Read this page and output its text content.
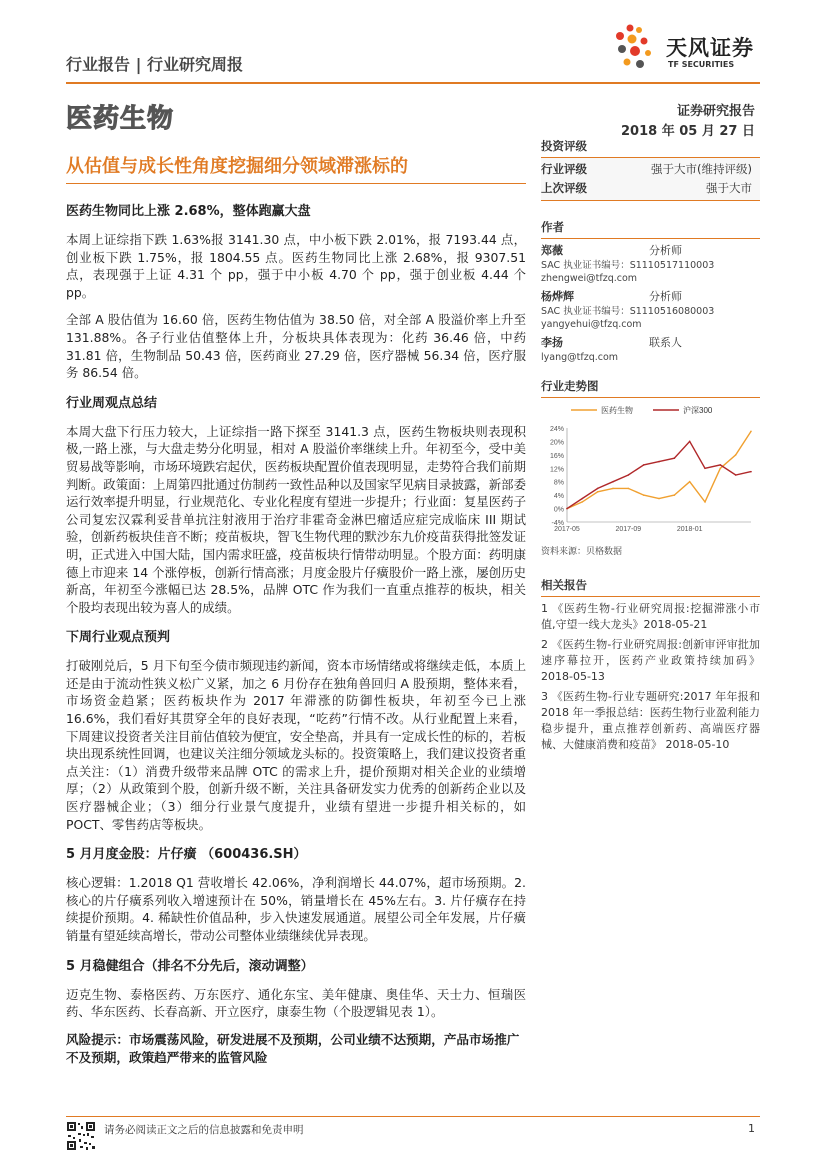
行业报告 | 行业研究周报
天风证券
TF SECURITIES
医药生物	证券研究报告
2018 年 05 月 27 日
从估值与成长性角度挖掘细分领域滞涨标的
医药生物同比上涨 2.68%，整体跑赢大盘
本周上证综指下跌 1.63%报 3141.30 点，中小板下跌 2.01%，报 7193.44 点，创业板下跌 1.75%，报 1804.55 点。医药生物同比上涨 2.68%，报 9307.51 点，表现强于上证 4.31 个 pp，强于中小板 4.70 个 pp，强于创业板 4.44 个 pp。
全部 A 股估值为 16.60 倍，医药生物估值为 38.50 倍，对全部 A 股溢价率上升至 131.88%。各子行业估值整体上升，分板块具体表现为：化药 36.46 倍，中药 31.81 倍，生物制品 50.43 倍，医药商业 27.29 倍，医疗器械 56.34 倍，医疗服务 86.54 倍。
行业周观点总结
本周大盘下行压力较大，上证综指一路下探至 3141.3 点，医药生物板块则表现积极,一路上涨，与大盘走势分化明显，相对 A 股溢价率继续上升。年初至今，受中美贸易战等影响，市场环境跌宕起伏，医药板块配置价值表现明显，走势符合我们前期判断。政策面：上周第四批通过仿制药一致性品种以及国家罕见病目录披露，新部委运行效率提升明显，行业规范化、专业化程度有望进一步提升；行业面：复星医药子公司复宏汉霖利妥昔单抗注射液用于治疗非霍奇金淋巴瘤适应症完成临床 III 期试验，创新药板块佳音不断；疫苗板块，智飞生物代理的默沙东九价疫苗获得批签发证明，正式进入中国大陆，国内需求旺盛，疫苗板块行情带动明显。个股方面：药明康德上市迎来 14 个涨停板，创新行情高涨；月度金股片仔癀股价一路上涨，屡创历史新高，年初至今涨幅已达 28.5%，品牌 OTC 作为我们一直重点推荐的板块，相关个股均表现出较为喜人的成绩。
下周行业观点预判
打破刚兑后，5 月下旬至今债市频现违约新闻，资本市场情绪或将继续走低，本质上还是由于流动性狭义松广义紧，加之 6 月份存在独角兽回归 A 股预期，整体来看，市场资金趋紧；医药板块作为 2017 年滞涨的防御性板块，年初至今已上涨 16.6%，我们看好其贯穿全年的良好表现，“吃药”行情不改。从行业配置上来看，下周建议投资者关注目前估值较为便宜，安全垫高，并具有一定成长性的标的，若板块出现系统性回调，也建议关注细分领域龙头标的。投资策略上，我们建议投资者重点关注：（1）消费升级带来品牌 OTC 的需求上升，提价预期对相关企业的业绩增厚；（2）从政策到个股，创新升级不断，关注具备研发实力优秀的创新药企业以及医疗器械企业；（3）细分行业景气度提升，业绩有望进一步提升相关标的，如 POCT、零售药店等板块。
5 月月度金股：片仔癀 （600436.SH）
核心逻辑：1.2018 Q1 营收增长 42.06%，净利润增长 44.07%，超市场预期。2. 核心的片仔癀系列收入增速预计在 50%，销量增长在 45%左右。3. 片仔癀存在持续提价预期。4. 稀缺性价值品种，步入快速发展通道。展望公司全年发展，片仔癀销量有望延续高增长，带动公司整体业绩继续优异表现。
5 月稳健组合（排名不分先后，滚动调整）
迈克生物、泰格医药、万东医疗、通化东宝、美年健康、奥佳华、天士力、恒瑞医药、华东医药、长春高新、开立医疗，康泰生物（个股逻辑见表 1）。
风险提示：市场震荡风险，研发进展不及预期，公司业绩不达预期，产品市场推广不及预期，政策趋严带来的监管风险
投资评级
行业评级	强于大市(维持评级)
上次评级	强于大市
作者
郑薇	分析师
SAC 执业证书编号：S1110517110003
zhengwei@tfzq.com
杨烨辉	分析师
SAC 执业证书编号：S1110516080003
yangyehui@tfzq.com
李扬	联系人
lyang@tfzq.com
行业走势图
-4%
0%
4%
8%
12%
16%
20%
24%
2017-05	2017-09	2018-01
医药生物	沪深300
资料来源：贝格数据
相关报告
1 《医药生物-行业研究周报:挖掘滞涨小市值,守望一线大龙头》2018-05-21
2 《医药生物-行业研究周报:创新审评审批加速序幕拉开，医药产业政策持续加码》 2018-05-13
3 《医药生物-行业专题研究:2017 年年报和 2018 年一季报总结：医药生物行业盈利能力稳步提升，重点推荐创新药、高端医疗器械、大健康消费和疫苗》 2018-05-10
请务必阅读正文之后的信息披露和免责申明	1
